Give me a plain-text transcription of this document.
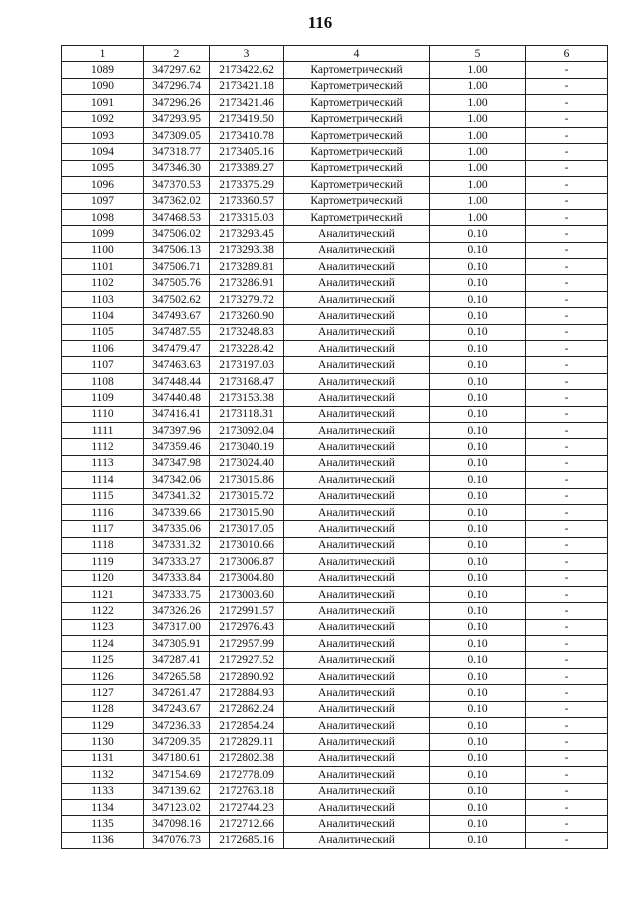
116
1	2	3	4	5	6
1089	347297.62	2173422.62	Картометрический	1.00	-
1090	347296.74	2173421.18	Картометрический	1.00	-
1091	347296.26	2173421.46	Картометрический	1.00	-
1092	347293.95	2173419.50	Картометрический	1.00	-
1093	347309.05	2173410.78	Картометрический	1.00	-
1094	347318.77	2173405.16	Картометрический	1.00	-
1095	347346.30	2173389.27	Картометрический	1.00	-
1096	347370.53	2173375.29	Картометрический	1.00	-
1097	347362.02	2173360.57	Картометрический	1.00	-
1098	347468.53	2173315.03	Картометрический	1.00	-
1099	347506.02	2173293.45	Аналитический	0.10	-
1100	347506.13	2173293.38	Аналитический	0.10	-
1101	347506.71	2173289.81	Аналитический	0.10	-
1102	347505.76	2173286.91	Аналитический	0.10	-
1103	347502.62	2173279.72	Аналитический	0.10	-
1104	347493.67	2173260.90	Аналитический	0.10	-
1105	347487.55	2173248.83	Аналитический	0.10	-
1106	347479.47	2173228.42	Аналитический	0.10	-
1107	347463.63	2173197.03	Аналитический	0.10	-
1108	347448.44	2173168.47	Аналитический	0.10	-
1109	347440.48	2173153.38	Аналитический	0.10	-
1110	347416.41	2173118.31	Аналитический	0.10	-
1111	347397.96	2173092.04	Аналитический	0.10	-
1112	347359.46	2173040.19	Аналитический	0.10	-
1113	347347.98	2173024.40	Аналитический	0.10	-
1114	347342.06	2173015.86	Аналитический	0.10	-
1115	347341.32	2173015.72	Аналитический	0.10	-
1116	347339.66	2173015.90	Аналитический	0.10	-
1117	347335.06	2173017.05	Аналитический	0.10	-
1118	347331.32	2173010.66	Аналитический	0.10	-
1119	347333.27	2173006.87	Аналитический	0.10	-
1120	347333.84	2173004.80	Аналитический	0.10	-
1121	347333.75	2173003.60	Аналитический	0.10	-
1122	347326.26	2172991.57	Аналитический	0.10	-
1123	347317.00	2172976.43	Аналитический	0.10	-
1124	347305.91	2172957.99	Аналитический	0.10	-
1125	347287.41	2172927.52	Аналитический	0.10	-
1126	347265.58	2172890.92	Аналитический	0.10	-
1127	347261.47	2172884.93	Аналитический	0.10	-
1128	347243.67	2172862.24	Аналитический	0.10	-
1129	347236.33	2172854.24	Аналитический	0.10	-
1130	347209.35	2172829.11	Аналитический	0.10	-
1131	347180.61	2172802.38	Аналитический	0.10	-
1132	347154.69	2172778.09	Аналитический	0.10	-
1133	347139.62	2172763.18	Аналитический	0.10	-
1134	347123.02	2172744.23	Аналитический	0.10	-
1135	347098.16	2172712.66	Аналитический	0.10	-
1136	347076.73	2172685.16	Аналитический	0.10	-
